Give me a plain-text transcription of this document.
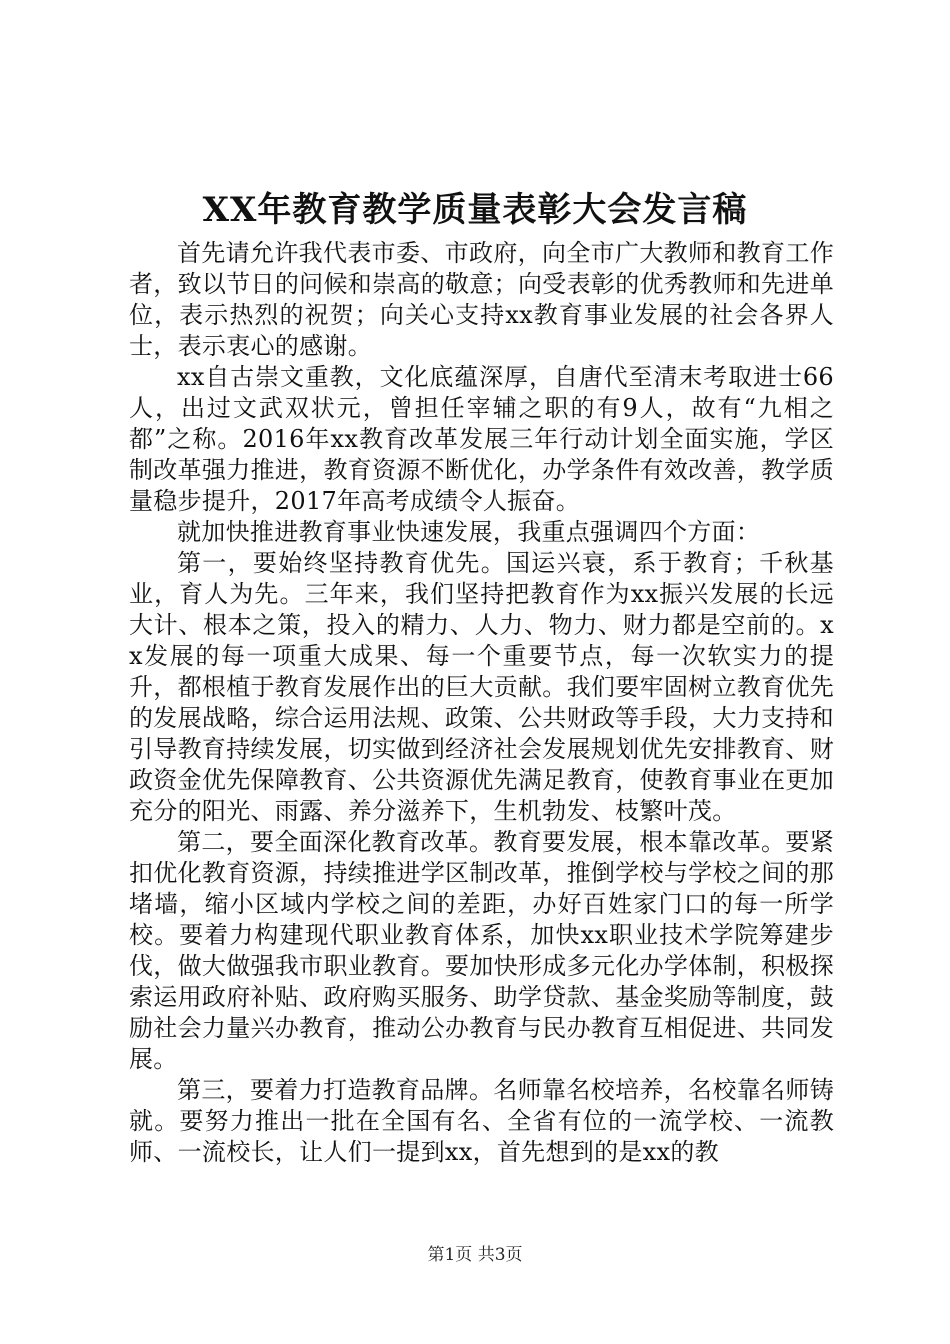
XX年教育教学质量表彰大会发言稿

首先请允许我代表市委、市政府，向全市广大教师和教育工作者，致以节日的问候和崇高的敬意；向受表彰的优秀教师和先进单位，表示热烈的祝贺；向关心支持xx教育事业发展的社会各界人士，表示衷心的感谢。

xx自古崇文重教，文化底蕴深厚，自唐代至清末考取进士66人，出过文武双状元，曾担任宰辅之职的有9人，故有“九相之都”之称。2016年xx教育改革发展三年行动计划全面实施，学区制改革强力推进，教育资源不断优化，办学条件有效改善，教学质量稳步提升，2017年高考成绩令人振奋。

就加快推进教育事业快速发展，我重点强调四个方面：

第一，要始终坚持教育优先。国运兴衰，系于教育；千秋基业，育人为先。三年来，我们坚持把教育作为xx振兴发展的长远大计、根本之策，投入的精力、人力、物力、财力都是空前的。xx发展的每一项重大成果、每一个重要节点，每一次软实力的提升，都根植于教育发展作出的巨大贡献。我们要牢固树立教育优先的发展战略，综合运用法规、政策、公共财政等手段，大力支持和引导教育持续发展，切实做到经济社会发展规划优先安排教育、财政资金优先保障教育、公共资源优先满足教育，使教育事业在更加充分的阳光、雨露、养分滋养下，生机勃发、枝繁叶茂。

第二，要全面深化教育改革。教育要发展，根本靠改革。要紧扣优化教育资源，持续推进学区制改革，推倒学校与学校之间的那堵墙，缩小区域内学校之间的差距，办好百姓家门口的每一所学校。要着力构建现代职业教育体系，加快xx职业技术学院筹建步伐，做大做强我市职业教育。要加快形成多元化办学体制，积极探索运用政府补贴、政府购买服务、助学贷款、基金奖励等制度，鼓励社会力量兴办教育，推动公办教育与民办教育互相促进、共同发展。

第三，要着力打造教育品牌。名师靠名校培养，名校靠名师铸就。要努力推出一批在全国有名、全省有位的一流学校、一流教师、一流校长，让人们一提到xx，首先想到的是xx的教

第1页 共3页
